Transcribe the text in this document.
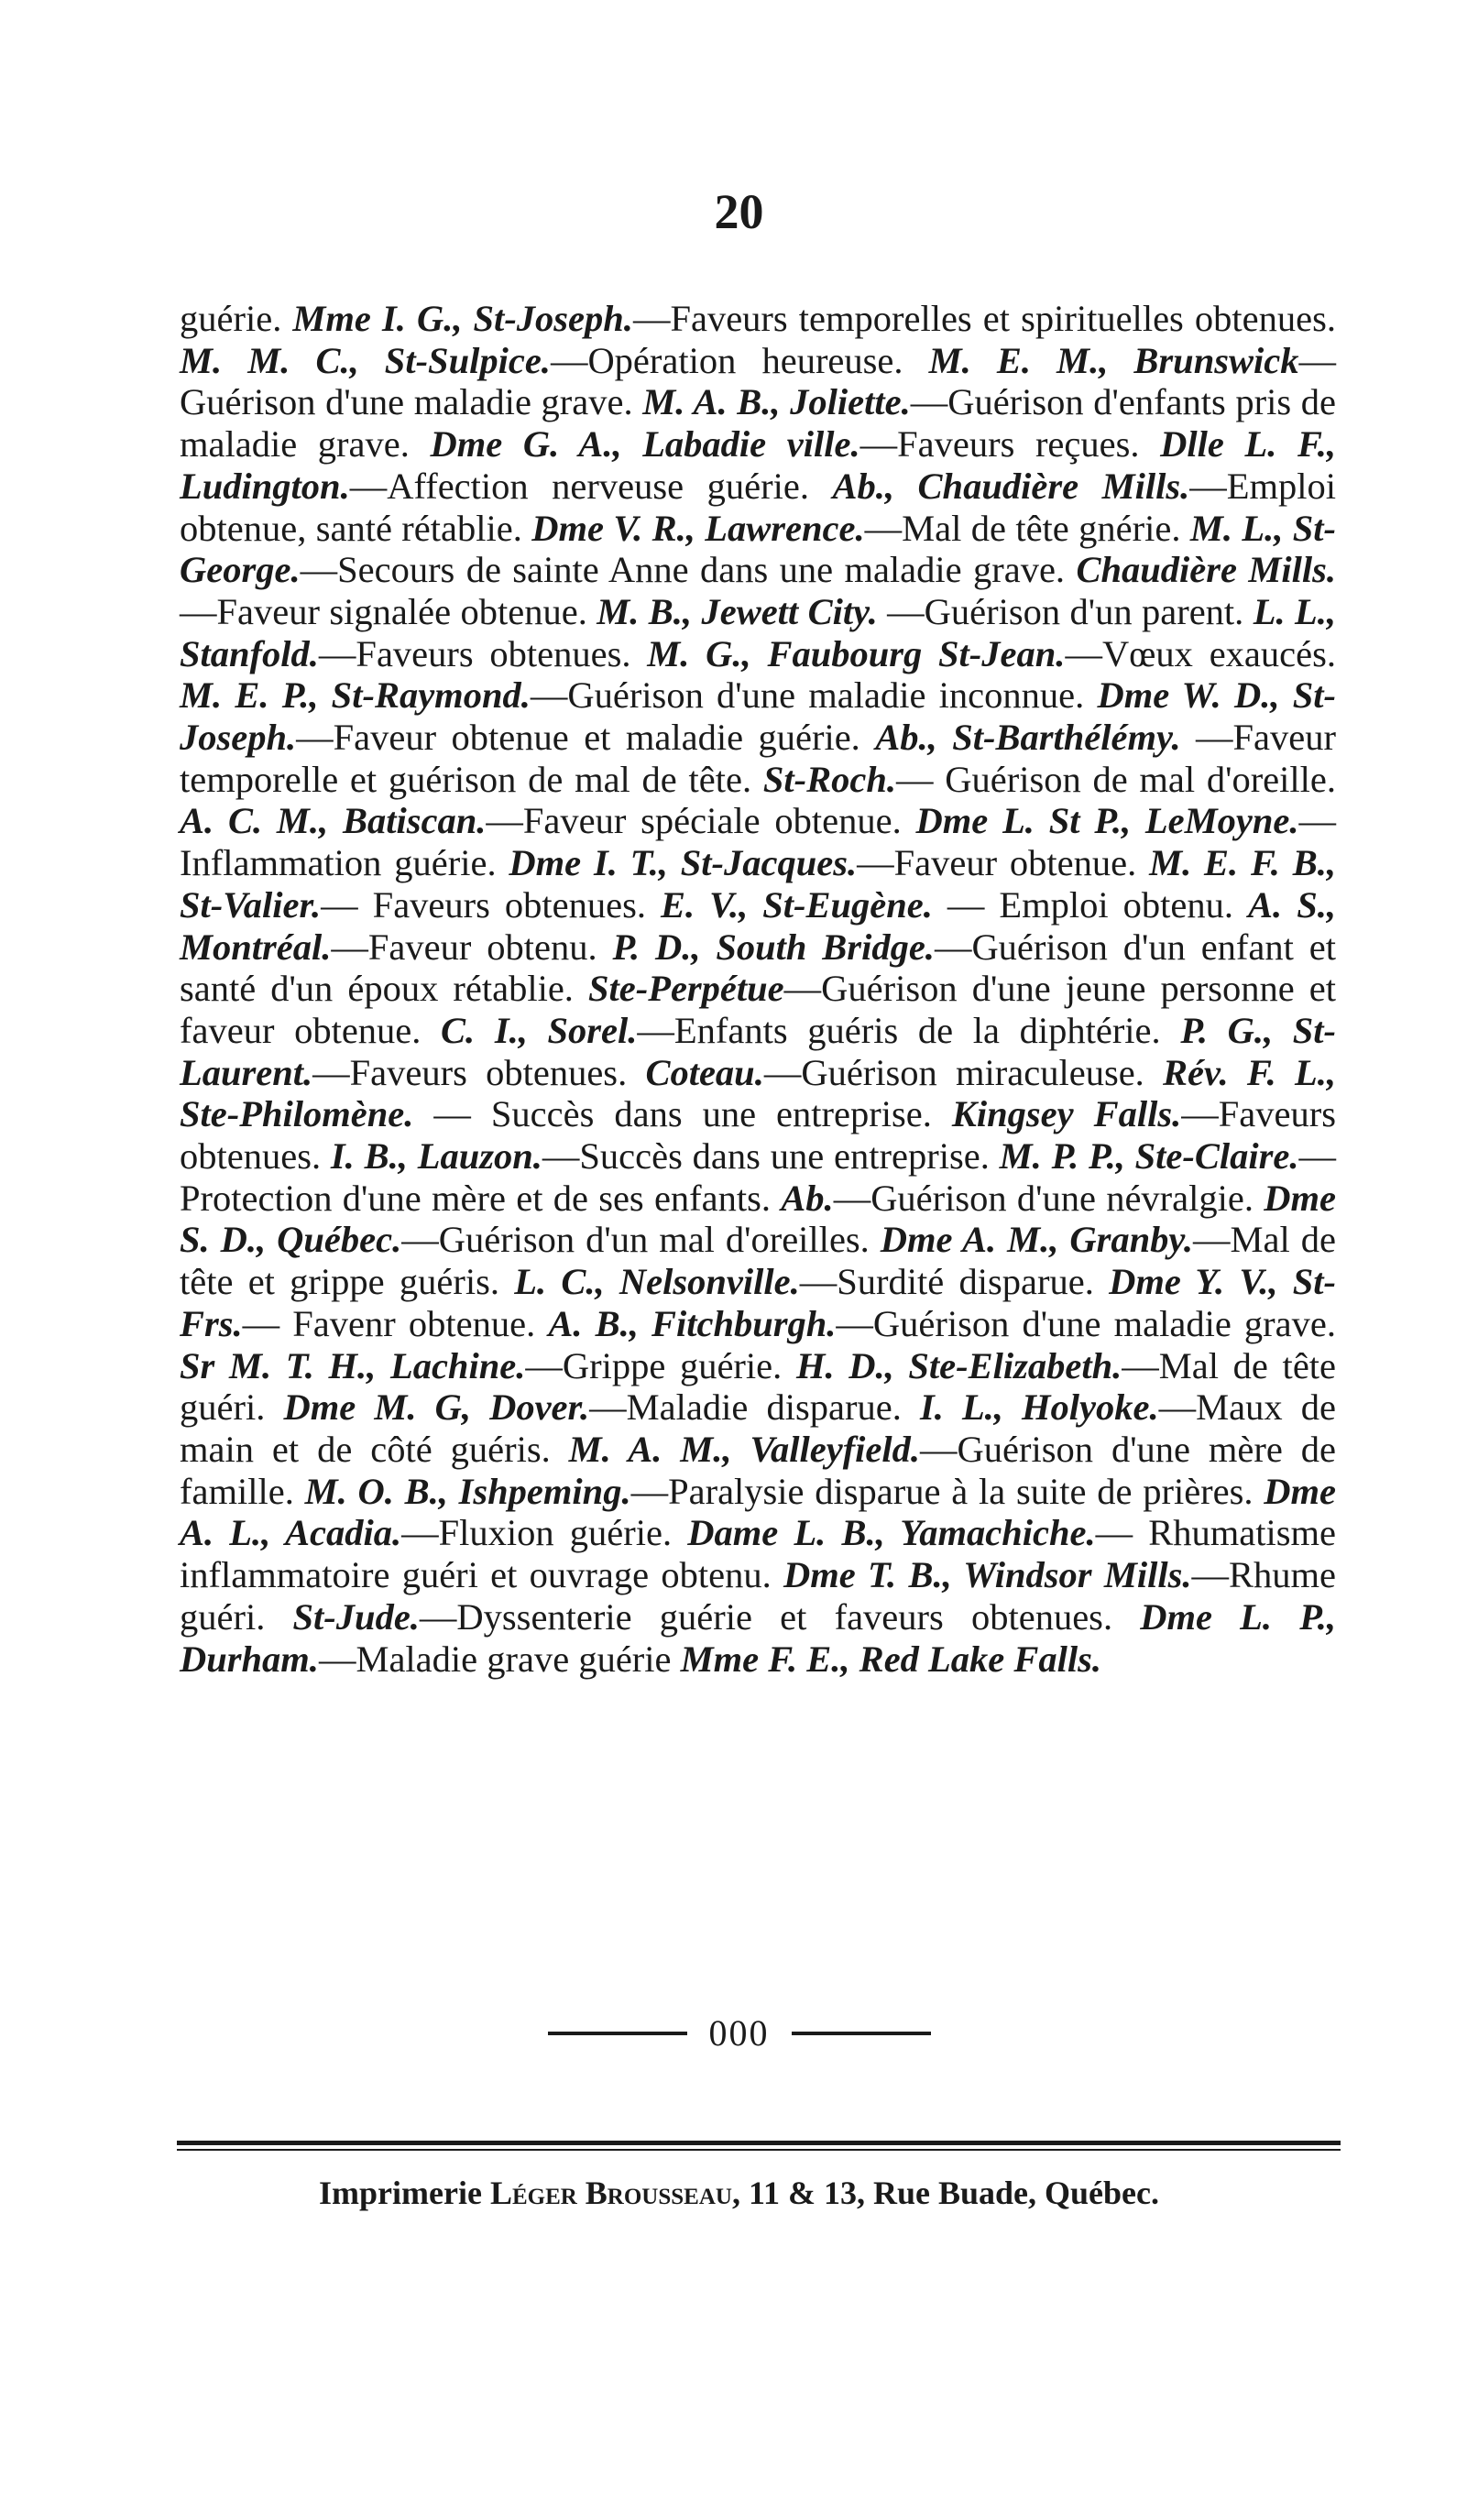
20

guérie. Mme I. G., St-Joseph.—Faveurs temporelles et spirituelles obtenues. M. M. C., St-Sulpice.—Opération heureuse. M. E. M., Brunswick—Guérison d'une maladie grave. M. A. B., Joliette.—Guérison d'enfants pris de maladie grave. Dme G. A., Labadie ville.—Faveurs reçues. Dlle L. F., Ludington.—Affection nerveuse guérie. Ab., Chaudière Mills.—Emploi obtenue, santé rétablie. Dme V. R., Lawrence.—Mal de tête gnérie. M. L., St-George.—Secours de sainte Anne dans une maladie grave. Chaudière Mills.—Faveur signalée obtenue. M. B., Jewett City. —Guérison d'un parent. L. L., Stanfold.—Faveurs obtenues. M. G., Faubourg St-Jean.—Vœux exaucés. M. E. P., St-Raymond.—Guérison d'une maladie inconnue. Dme W. D., St-Joseph.—Faveur obtenue et maladie guérie. Ab., St-Barthélémy. —Faveur temporelle et guérison de mal de tête. St-Roch.— Guérison de mal d'oreille. A. C. M., Batiscan.—Faveur spéciale obtenue. Dme L. St P., LeMoyne.—Inflammation guérie. Dme I. T., St-Jacques.—Faveur obtenue. M. E. F. B., St-Valier.— Faveurs obtenues. E. V., St-Eugène. — Emploi obtenu. A. S., Montréal.—Faveur obtenu. P. D., South Bridge.—Guérison d'un enfant et santé d'un époux rétablie. Ste-Perpétue—Guérison d'une jeune personne et faveur obtenue. C. I., Sorel.—Enfants guéris de la diphtérie. P. G., St-Laurent.—Faveurs obtenues. Coteau.—Guérison miraculeuse. Rév. F. L., Ste-Philomène. — Succès dans une entreprise. Kingsey Falls.—Faveurs obtenues. I. B., Lauzon.—Succès dans une entreprise. M. P. P., Ste-Claire.—Protection d'une mère et de ses enfants. Ab.—Guérison d'une névralgie. Dme S. D., Québec.—Guérison d'un mal d'oreilles. Dme A. M., Granby.—Mal de tête et grippe guéris. L. C., Nelsonville.—Surdité disparue. Dme Y. V., St-Frs.— Favenr obtenue. A. B., Fitchburgh.—Guérison d'une maladie grave. Sr M. T. H., Lachine.—Grippe guérie. H. D., Ste-Elizabeth.—Mal de tête guéri. Dme M. G, Dover.—Maladie disparue. I. L., Holyoke.—Maux de main et de côté guéris. M. A. M., Valleyfield.—Guérison d'une mère de famille. M. O. B., Ishpeming.—Paralysie disparue à la suite de prières. Dme A. L., Acadia.—Fluxion guérie. Dame L. B., Yamachiche.— Rhumatisme inflammatoire guéri et ouvrage obtenu. Dme T. B., Windsor Mills.—Rhume guéri. St-Jude.—Dyssenterie guérie et faveurs obtenues. Dme L. P., Durham.—Maladie grave guérie Mme F. E., Red Lake Falls.

000
Imprimerie Léger Brousseau, 11 & 13, Rue Buade, Québec.
